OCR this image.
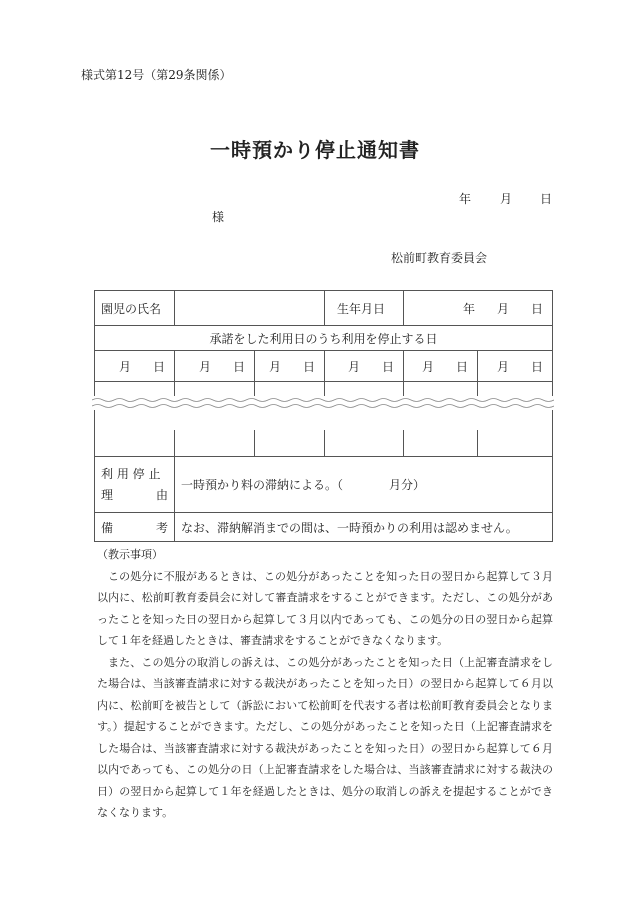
様式第12号（第29条関係）
一時預かり停止通知書
年 月 日
様
松前町教育委員会
園児の氏名			生年月日	年 月 日	

承諾をした利用日のうち利用を停止する日					

月 日	月 日	月 日	月 日	月 日	月 日

利 用 停 止
理 由	一時預かり料の滞納による。（ 月分）				

備 考	なお、滞納解消までの間は、一時預かりの利用は認めません。				

（教示事項）

この処分に不服があるときは、この処分があったことを知った日の翌日から起算して３月以内に、松前町教育委員会に対して審査請求をすることができます。ただし、この処分があったことを知った日の翌日から起算して３月以内であっても、この処分の日の翌日から起算して１年を経過したときは、審査請求をすることができなくなります。

また、この処分の取消しの訴えは、この処分があったことを知った日（上記審査請求をした場合は、当該審査請求に対する裁決があったことを知った日）の翌日から起算して６月以内に、松前町を被告として（訴訟において松前町を代表する者は松前町教育委員会となります。）提起することができます。ただし、この処分があったことを知った日（上記審査請求をした場合は、当該審査請求に対する裁決があったことを知った日）の翌日から起算して６月以内であっても、この処分の日（上記審査請求をした場合は、当該審査請求に対する裁決の日）の翌日から起算して１年を経過したときは、処分の取消しの訴えを提起することができなくなります。
